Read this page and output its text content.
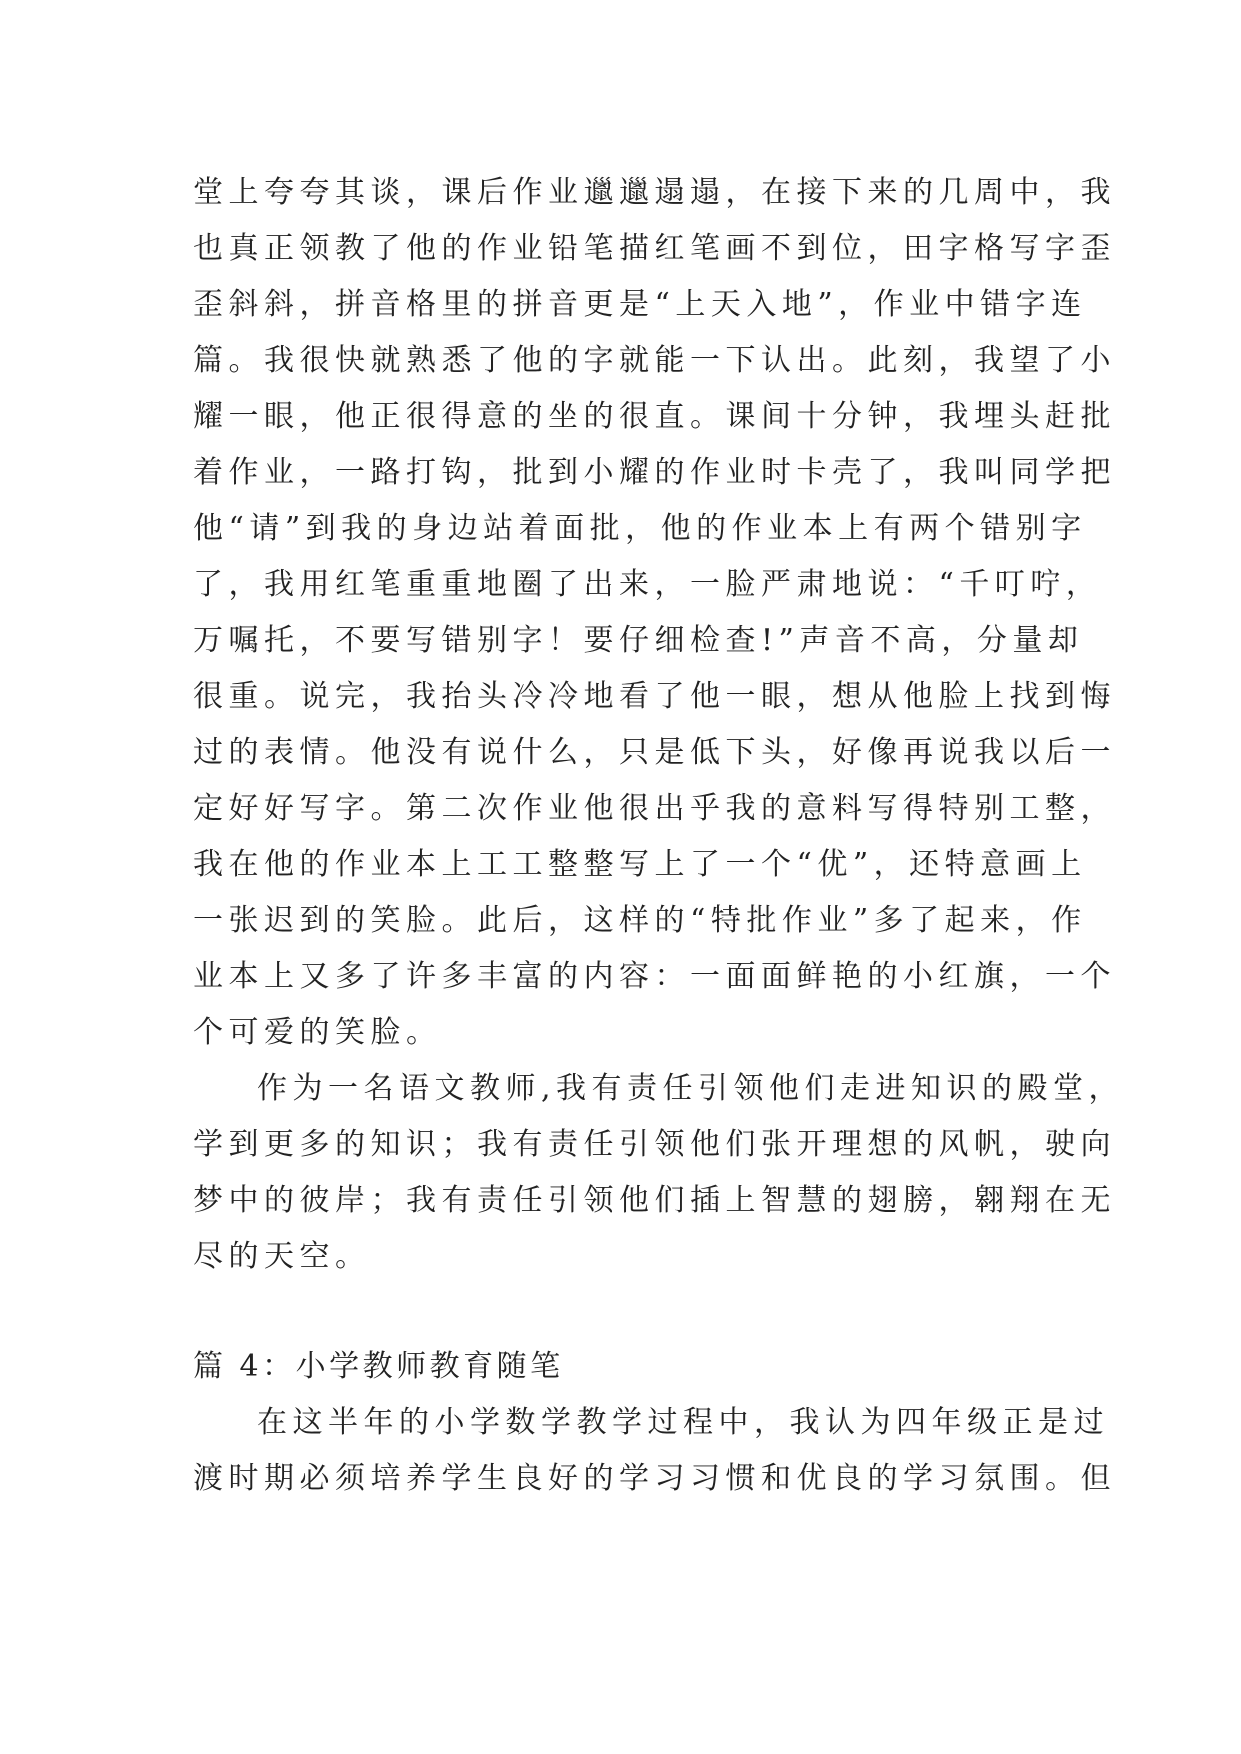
堂上夸夸其谈，课后作业邋邋遢遢，在接下来的几周中，我
也真正领教了他的作业铅笔描红笔画不到位，田字格写字歪
歪斜斜，拼音格里的拼音更是“上天入地”，作业中错字连
篇。我很快就熟悉了他的字就能一下认出。此刻，我望了小
耀一眼，他正很得意的坐的很直。课间十分钟，我埋头赶批
着作业，一路打钩，批到小耀的作业时卡壳了，我叫同学把
他“请”到我的身边站着面批，他的作业本上有两个错别字
了，我用红笔重重地圈了出来，一脸严肃地说：“千叮咛，
万嘱托，不要写错别字！要仔细检查!”声音不高，分量却
很重。说完，我抬头冷冷地看了他一眼，想从他脸上找到悔
过的表情。他没有说什么，只是低下头，好像再说我以后一
定好好写字。第二次作业他很出乎我的意料写得特别工整，
我在他的作业本上工工整整写上了一个“优”，还特意画上
一张迟到的笑脸。此后，这样的“特批作业”多了起来，作
业本上又多了许多丰富的内容：一面面鲜艳的小红旗，一个
个可爱的笑脸。
作为一名语文教师,我有责任引领他们走进知识的殿堂，
学到更多的知识；我有责任引领他们张开理想的风帆，驶向
梦中的彼岸；我有责任引领他们插上智慧的翅膀，翱翔在无
尽的天空。
篇 4：小学教师教育随笔
在这半年的小学数学教学过程中，我认为四年级正是过
渡时期必须培养学生良好的学习习惯和优良的学习氛围。但
